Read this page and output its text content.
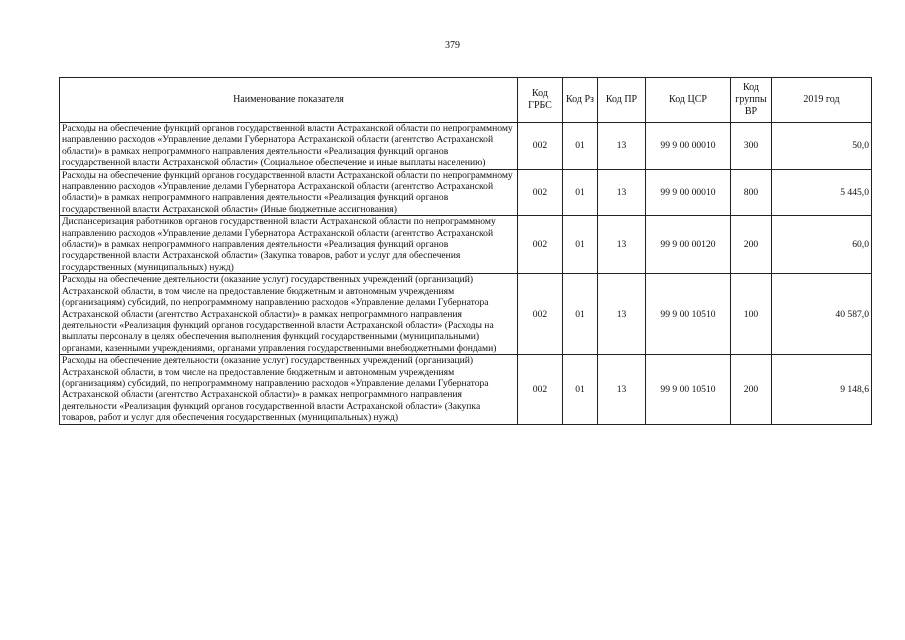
379
Наименование показателя	Код ГРБС	Код Рз	Код ПР	Код ЦСР	Код группы ВР	2019 год
Расходы на обеспечение функций органов государственной власти Астраханской области по непрограммному направлению расходов «Управление делами Губернатора Астраханской области (агентство Астраханской области)» в рамках непрограммного направления деятельности «Реализация функций органов государственной власти Астраханской области» (Социальное обеспечение и иные выплаты населению)	002	01	13	99 9 00 00010	300	50,0
Расходы на обеспечение функций органов государственной власти Астраханской области по непрограммному направлению расходов «Управление делами Губернатора Астраханской области (агентство Астраханской области)» в рамках непрограммного направления деятельности «Реализация функций органов государственной власти Астраханской области» (Иные бюджетные ассигнования)	002	01	13	99 9 00 00010	800	5 445,0
Диспансеризация работников органов государственной власти Астраханской области по непрограммному направлению расходов «Управление делами Губернатора Астраханской области (агентство Астраханской области)» в рамках непрограммного направления деятельности «Реализация функций органов государственной власти Астраханской области» (Закупка товаров, работ и услуг для обеспечения государственных (муниципальных) нужд)	002	01	13	99 9 00 00120	200	60,0
Расходы на обеспечение деятельности (оказание услуг) государственных учреждений (организаций) Астраханской области, в том числе на предоставление бюджетным и автономным учреждениям (организациям) субсидий, по непрограммному направлению расходов «Управление делами Губернатора Астраханской области (агентство Астраханской области)» в рамках непрограммного направления деятельности «Реализация функций органов государственной власти Астраханской области» (Расходы на выплаты персоналу в целях обеспечения выполнения функций государственными (муниципальными) органами, казенными учреждениями, органами управления государственными внебюджетными фондами)	002	01	13	99 9 00 10510	100	40 587,0
Расходы на обеспечение деятельности (оказание услуг) государственных учреждений (организаций) Астраханской области, в том числе на предоставление бюджетным и автономным учреждениям (организациям) субсидий, по непрограммному направлению расходов «Управление делами Губернатора Астраханской области (агентство Астраханской области)» в рамках непрограммного направления деятельности «Реализация функций органов государственной власти Астраханской области» (Закупка товаров, работ и услуг для обеспечения государственных (муниципальных) нужд)	002	01	13	99 9 00 10510	200	9 148,6
